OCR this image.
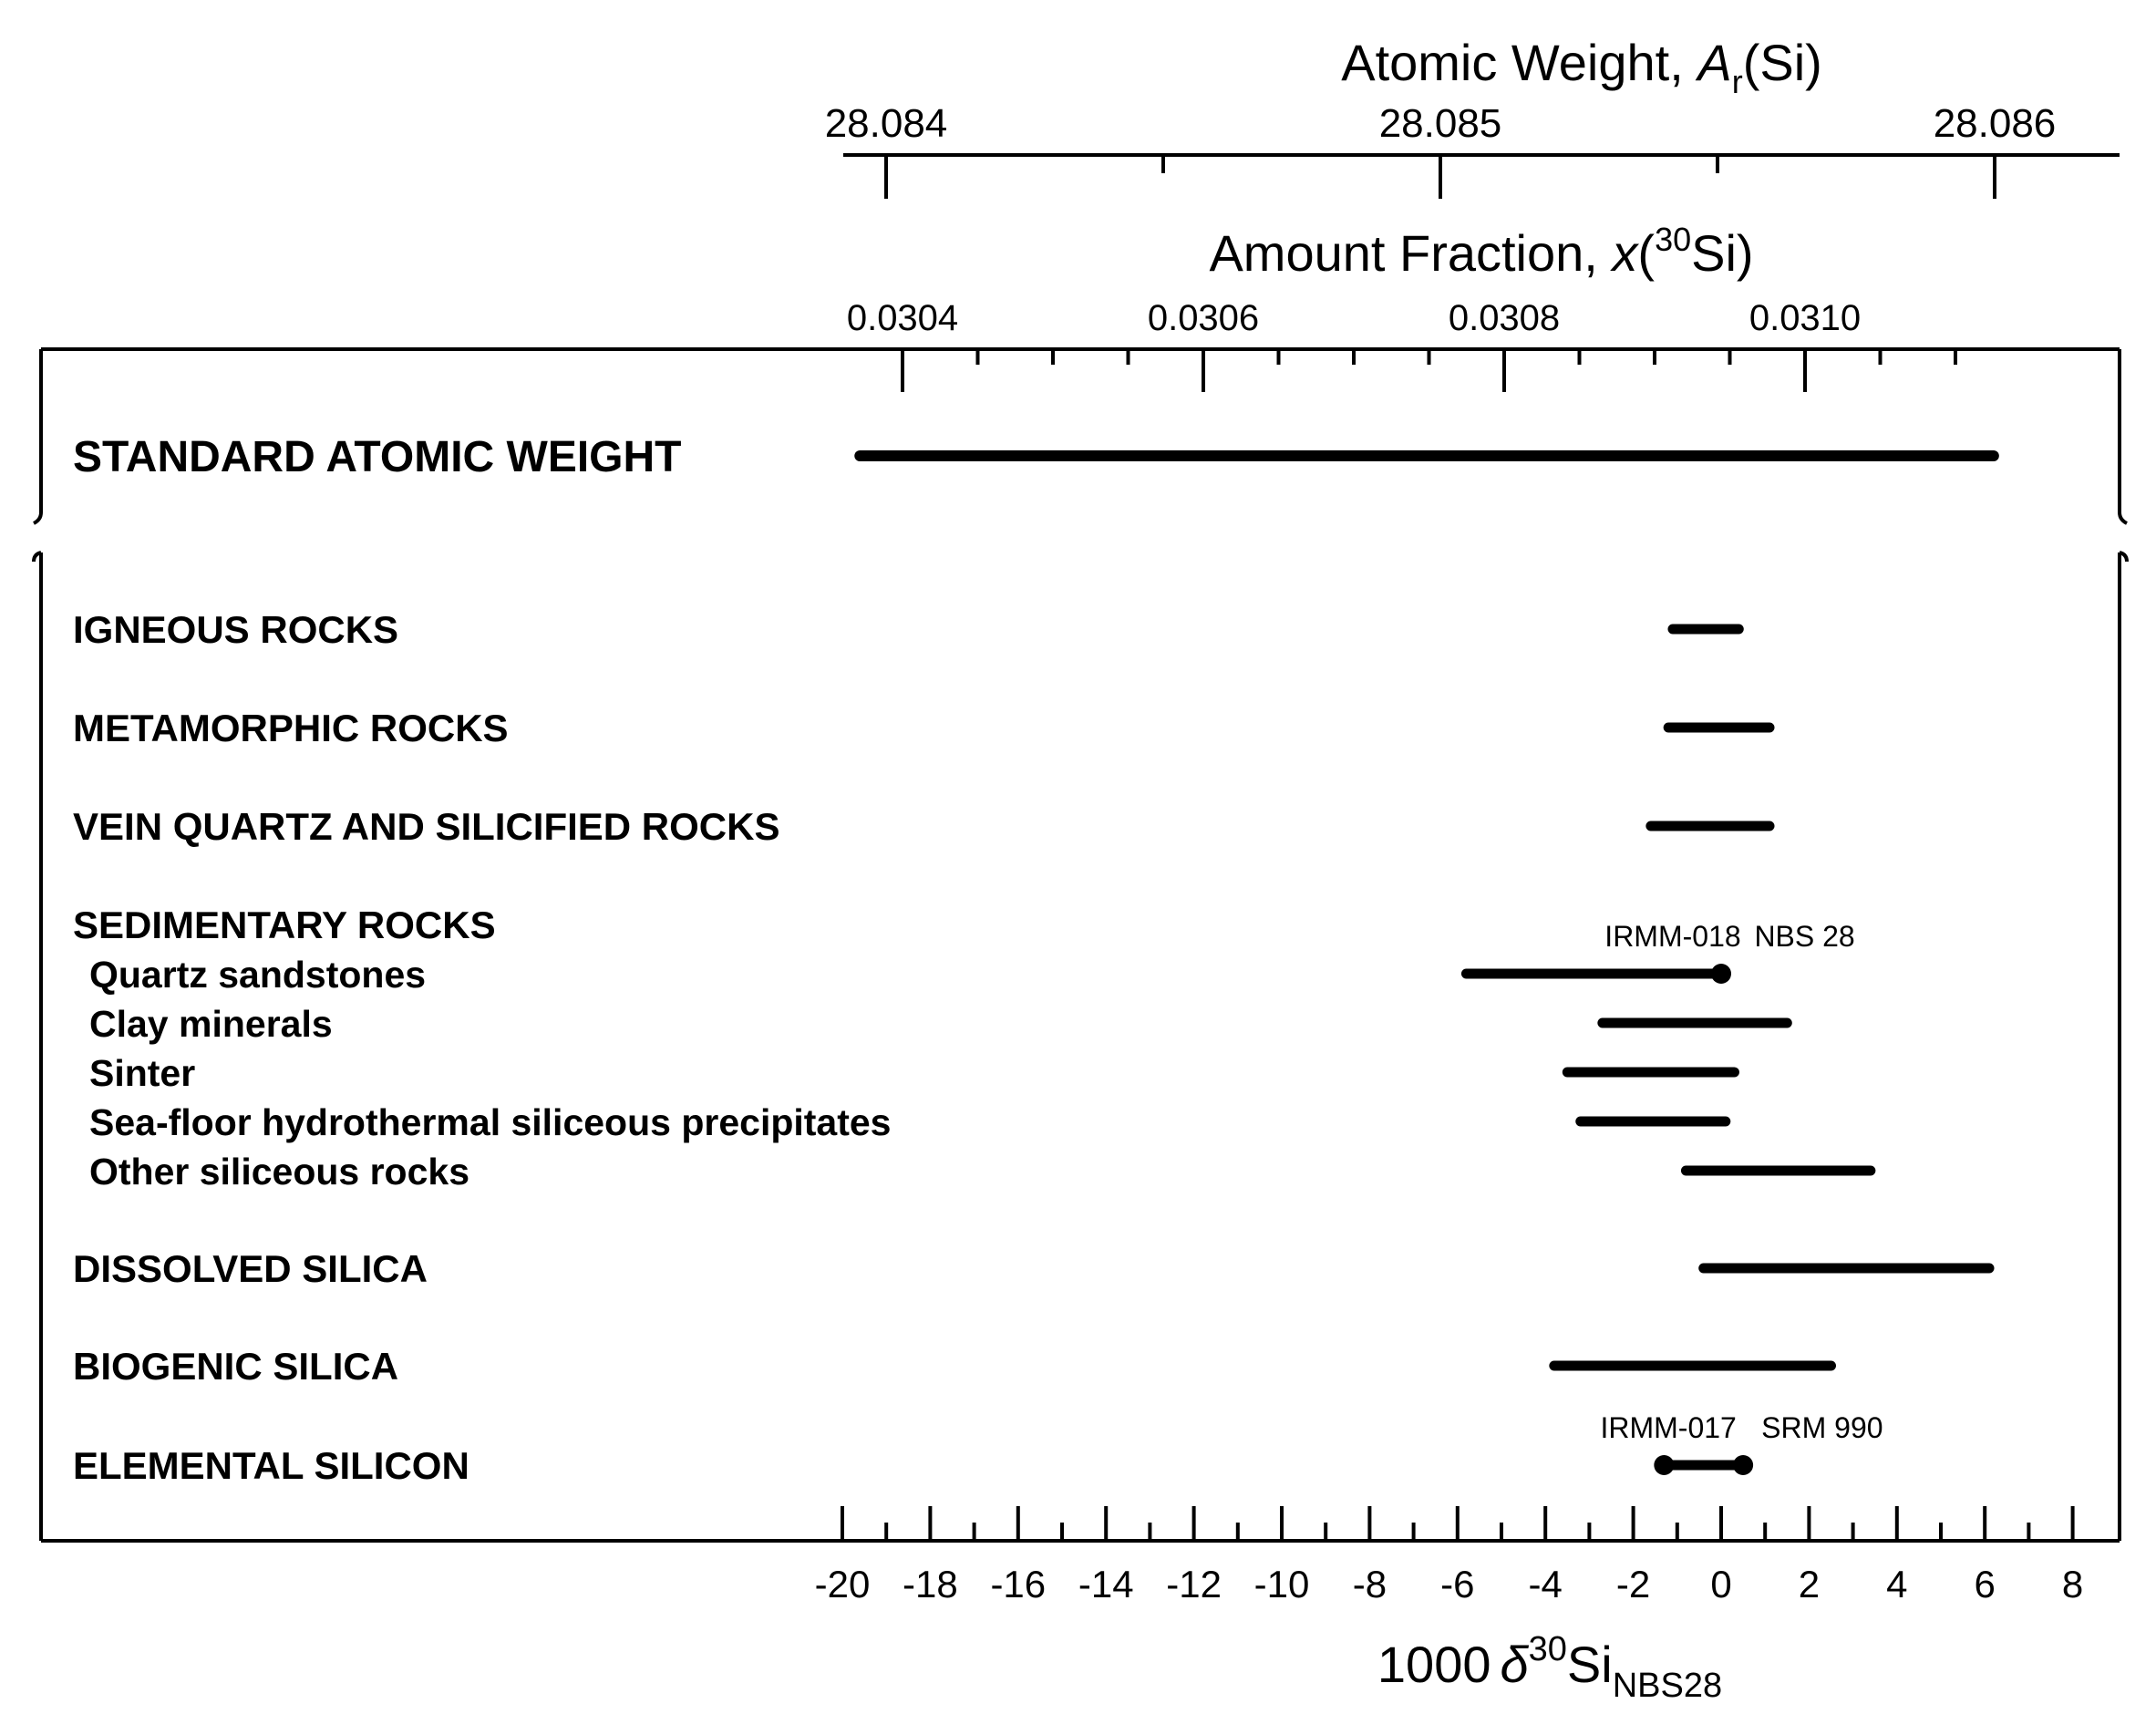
Atomic Weight, $A_r(Si)$
28.084	28.085	28.086
Amount Fraction, x($^{30}$Si)
0.0304	0.0306	0.0308	0.0310
-20 -18 -16 -14 -12 -10 -8 -6 -4 -2 0 2 4 6 8
1000 $\delta^{30}Si_{NBS28}$
STANDARD ATOMIC WEIGHT
IGNEOUS ROCKS
METAMORPHIC ROCKS
VEIN QUARTZ AND SILICIFIED ROCKS
SEDIMENTARY ROCKS
Quartz sandstones
IRMM-018 NBS 28
Clay minerals
Sinter
Sea-floor hydrothermal siliceous precipitates
Other siliceous rocks
DISSOLVED SILICA
BIOGENIC SILICA
ELEMENTAL SILICON
IRMM-017 SRM 990
